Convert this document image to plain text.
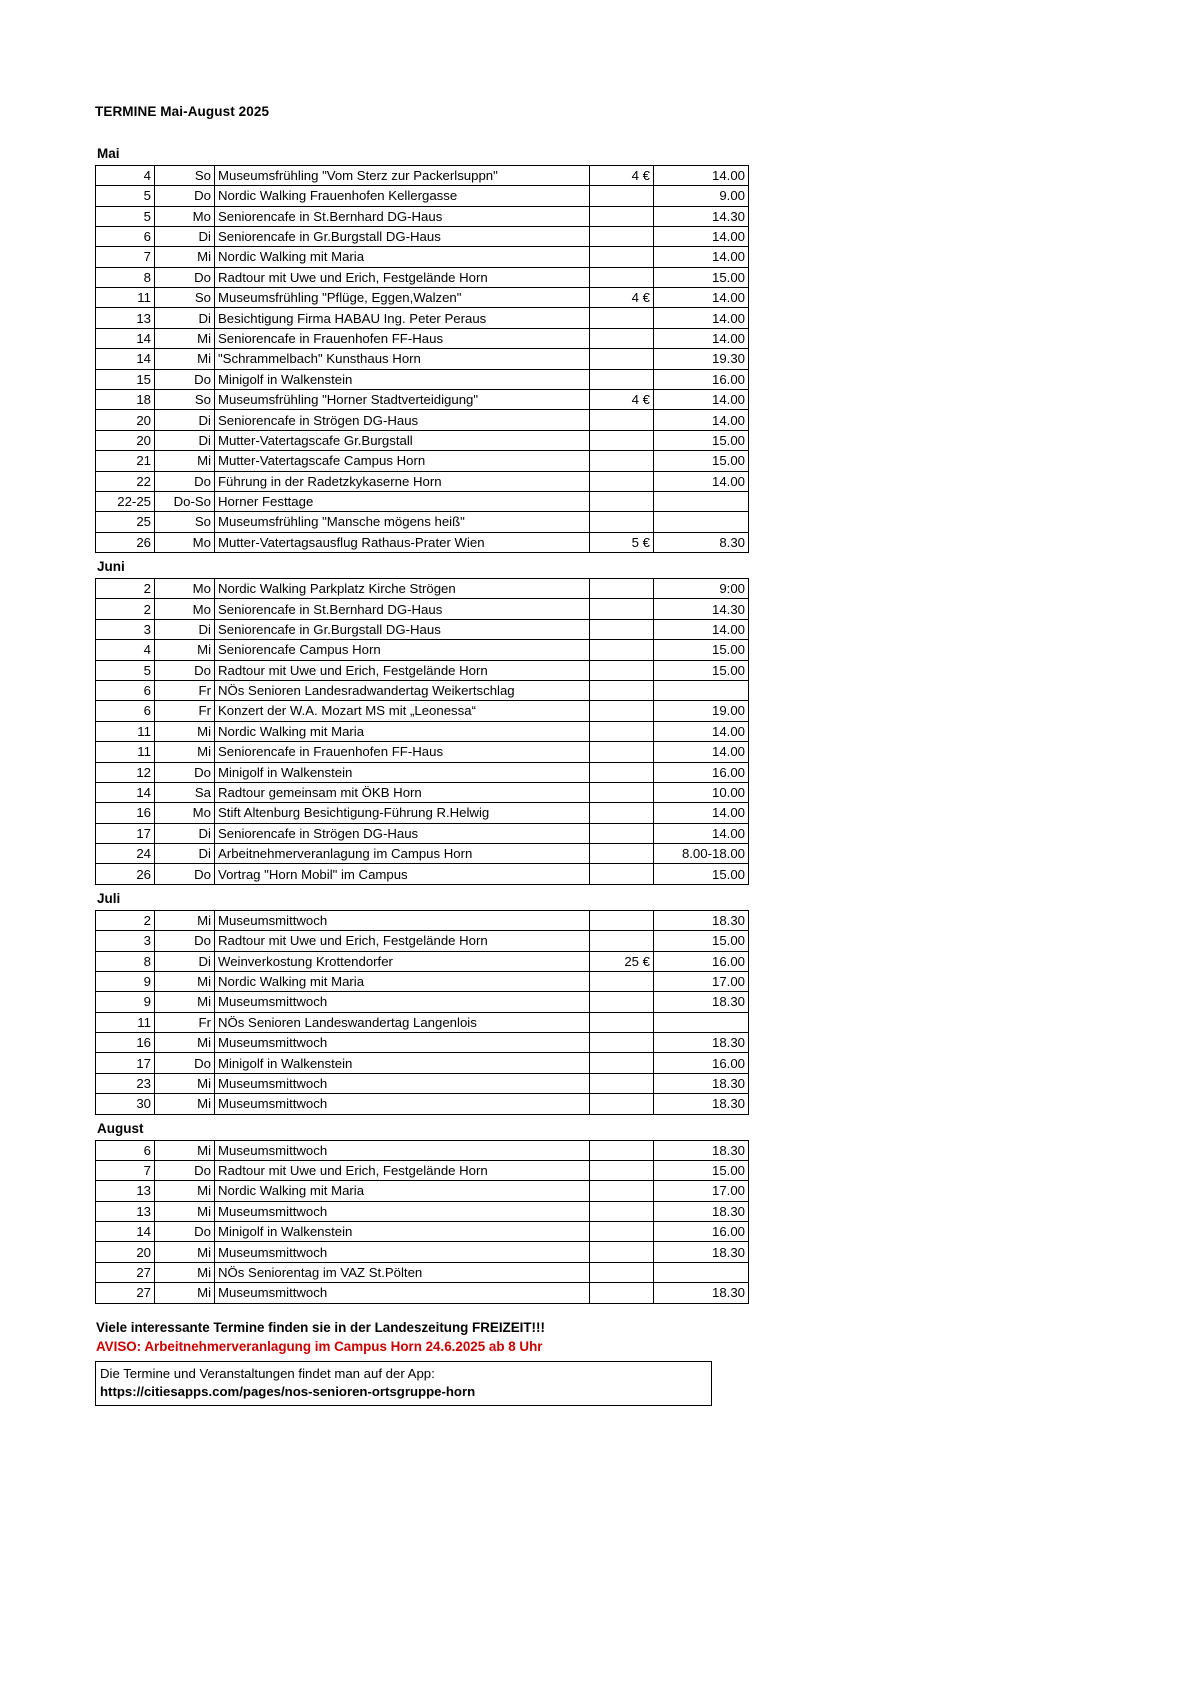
TERMINE Mai-August 2025
Mai
4	So	Museumsfrühling "Vom Sterz zur Packerlsuppn"	4 €	14.00
5	Do	Nordic Walking Frauenhofen Kellergasse		9.00
5	Mo	Seniorencafe in St.Bernhard DG-Haus		14.30
6	Di	Seniorencafe in Gr.Burgstall DG-Haus		14.00
7	Mi	Nordic Walking mit Maria		14.00
8	Do	Radtour mit Uwe und Erich, Festgelände Horn		15.00
11	So	Museumsfrühling "Pflüge, Eggen,Walzen"	4 €	14.00
13	Di	Besichtigung Firma HABAU Ing. Peter Peraus		14.00
14	Mi	Seniorencafe in Frauenhofen FF-Haus		14.00
14	Mi	"Schrammelbach" Kunsthaus Horn		19.30
15	Do	Minigolf in Walkenstein		16.00
18	So	Museumsfrühling "Horner Stadtverteidigung"	4 €	14.00
20	Di	Seniorencafe in Strögen DG-Haus		14.00
20	Di	Mutter-Vatertagscafe Gr.Burgstall		15.00
21	Mi	Mutter-Vatertagscafe Campus Horn		15.00
22	Do	Führung in der Radetzkykaserne Horn		14.00
22-25	Do-So	Horner Festtage		
25	So	Museumsfrühling "Mansche mögens heiß"		
26	Mo	Mutter-Vatertagsausflug Rathaus-Prater Wien	5 €	8.30
Juni
2	Mo	Nordic Walking Parkplatz Kirche Strögen		9:00
2	Mo	Seniorencafe in St.Bernhard DG-Haus		14.30
3	Di	Seniorencafe in Gr.Burgstall DG-Haus		14.00
4	Mi	Seniorencafe Campus Horn		15.00
5	Do	Radtour mit Uwe und Erich, Festgelände Horn		15.00
6	Fr	NÖs Senioren Landesradwandertag Weikertschlag		
6	Fr	Konzert der W.A. Mozart MS mit „Leonessa“		19.00
11	Mi	Nordic Walking mit Maria		14.00
11	Mi	Seniorencafe in Frauenhofen FF-Haus		14.00
12	Do	Minigolf in Walkenstein		16.00
14	Sa	Radtour gemeinsam mit ÖKB Horn		10.00
16	Mo	Stift Altenburg Besichtigung-Führung R.Helwig		14.00
17	Di	Seniorencafe in Strögen DG-Haus		14.00
24	Di	Arbeitnehmerveranlagung im Campus Horn		8.00-18.00
26	Do	Vortrag "Horn Mobil" im Campus		15.00
Juli
2	Mi	Museumsmittwoch		18.30
3	Do	Radtour mit Uwe und Erich, Festgelände Horn		15.00
8	Di	Weinverkostung Krottendorfer	25 €	16.00
9	Mi	Nordic Walking mit Maria		17.00
9	Mi	Museumsmittwoch		18.30
11	Fr	NÖs Senioren Landeswandertag Langenlois		
16	Mi	Museumsmittwoch		18.30
17	Do	Minigolf in Walkenstein		16.00
23	Mi	Museumsmittwoch		18.30
30	Mi	Museumsmittwoch		18.30
August
6	Mi	Museumsmittwoch		18.30
7	Do	Radtour mit Uwe und Erich, Festgelände Horn		15.00
13	Mi	Nordic Walking mit Maria		17.00
13	Mi	Museumsmittwoch		18.30
14	Do	Minigolf in Walkenstein		16.00
20	Mi	Museumsmittwoch		18.30
27	Mi	NÖs Seniorentag im VAZ St.Pölten		
27	Mi	Museumsmittwoch		18.30
Viele interessante Termine finden sie in der Landeszeitung FREIZEIT!!!
AVISO: Arbeitnehmerveranlagung im Campus Horn 24.6.2025 ab 8 Uhr
Die Termine und Veranstaltungen findet man auf der App:
https://citiesapps.com/pages/nos-senioren-ortsgruppe-horn
